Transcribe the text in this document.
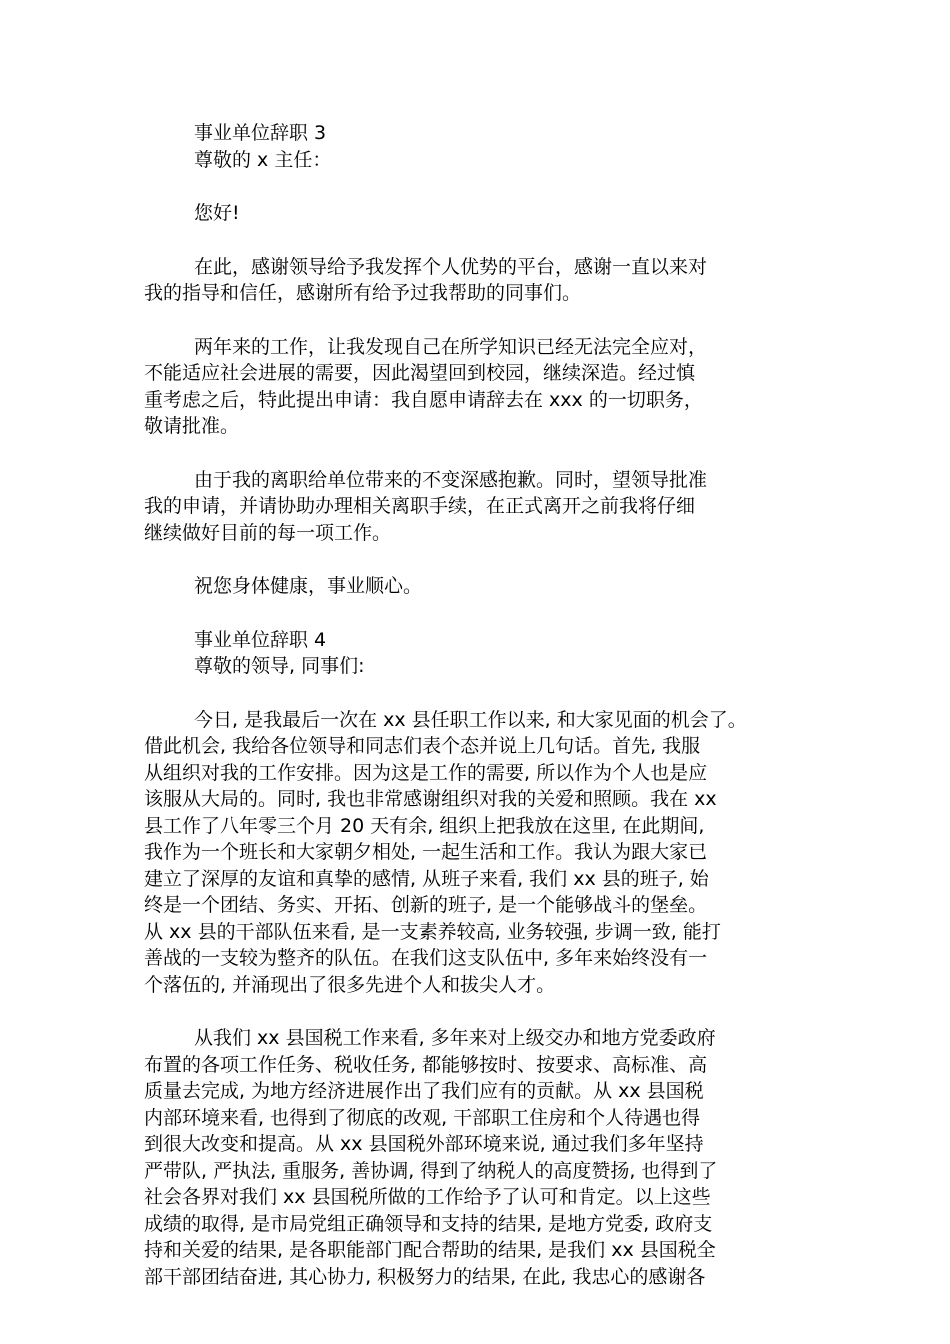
事业单位辞职 3
尊敬的 x 主任：
您好!
在此，感谢领导给予我发挥个人优势的平台，感谢一直以来对
我的指导和信任，感谢所有给予过我帮助的同事们。
两年来的工作，让我发现自己在所学知识已经无法完全应对，
不能适应社会进展的需要，因此渴望回到校园，继续深造。经过慎
重考虑之后，特此提出申请：我自愿申请辞去在 xxx 的一切职务，
敬请批准。
由于我的离职给单位带来的不变深感抱歉。同时，望领导批准
我的申请，并请协助办理相关离职手续，在正式离开之前我将仔细
继续做好目前的每一项工作。
祝您身体健康，事业顺心。
事业单位辞职 4
尊敬的领导, 同事们:
今日, 是我最后一次在 xx 县任职工作以来, 和大家见面的机会了。
借此机会, 我给各位领导和同志们表个态并说上几句话。首先, 我服
从组织对我的工作安排。因为这是工作的需要, 所以作为个人也是应
该服从大局的。同时, 我也非常感谢组织对我的关爱和照顾。我在 xx
县工作了八年零三个月 20 天有余, 组织上把我放在这里, 在此期间,
我作为一个班长和大家朝夕相处, 一起生活和工作。我认为跟大家已
建立了深厚的友谊和真挚的感情, 从班子来看, 我们 xx 县的班子, 始
终是一个团结、务实、开拓、创新的班子, 是一个能够战斗的堡垒。
从 xx 县的干部队伍来看, 是一支素养较高, 业务较强, 步调一致, 能打
善战的一支较为整齐的队伍。在我们这支队伍中, 多年来始终没有一
个落伍的, 并涌现出了很多先进个人和拔尖人才。
从我们 xx 县国税工作来看, 多年来对上级交办和地方党委政府
布置的各项工作任务、税收任务, 都能够按时、按要求、高标准、高
质量去完成, 为地方经济进展作出了我们应有的贡献。从 xx 县国税
内部环境来看, 也得到了彻底的改观, 干部职工住房和个人待遇也得
到很大改变和提高。从 xx 县国税外部环境来说, 通过我们多年坚持
严带队, 严执法, 重服务, 善协调, 得到了纳税人的高度赞扬, 也得到了
社会各界对我们 xx 县国税所做的工作给予了认可和肯定。以上这些
成绩的取得, 是市局党组正确领导和支持的结果, 是地方党委, 政府支
持和关爱的结果, 是各职能部门配合帮助的结果, 是我们 xx 县国税全
部干部团结奋进, 其心协力, 积极努力的结果, 在此, 我忠心的感谢各
